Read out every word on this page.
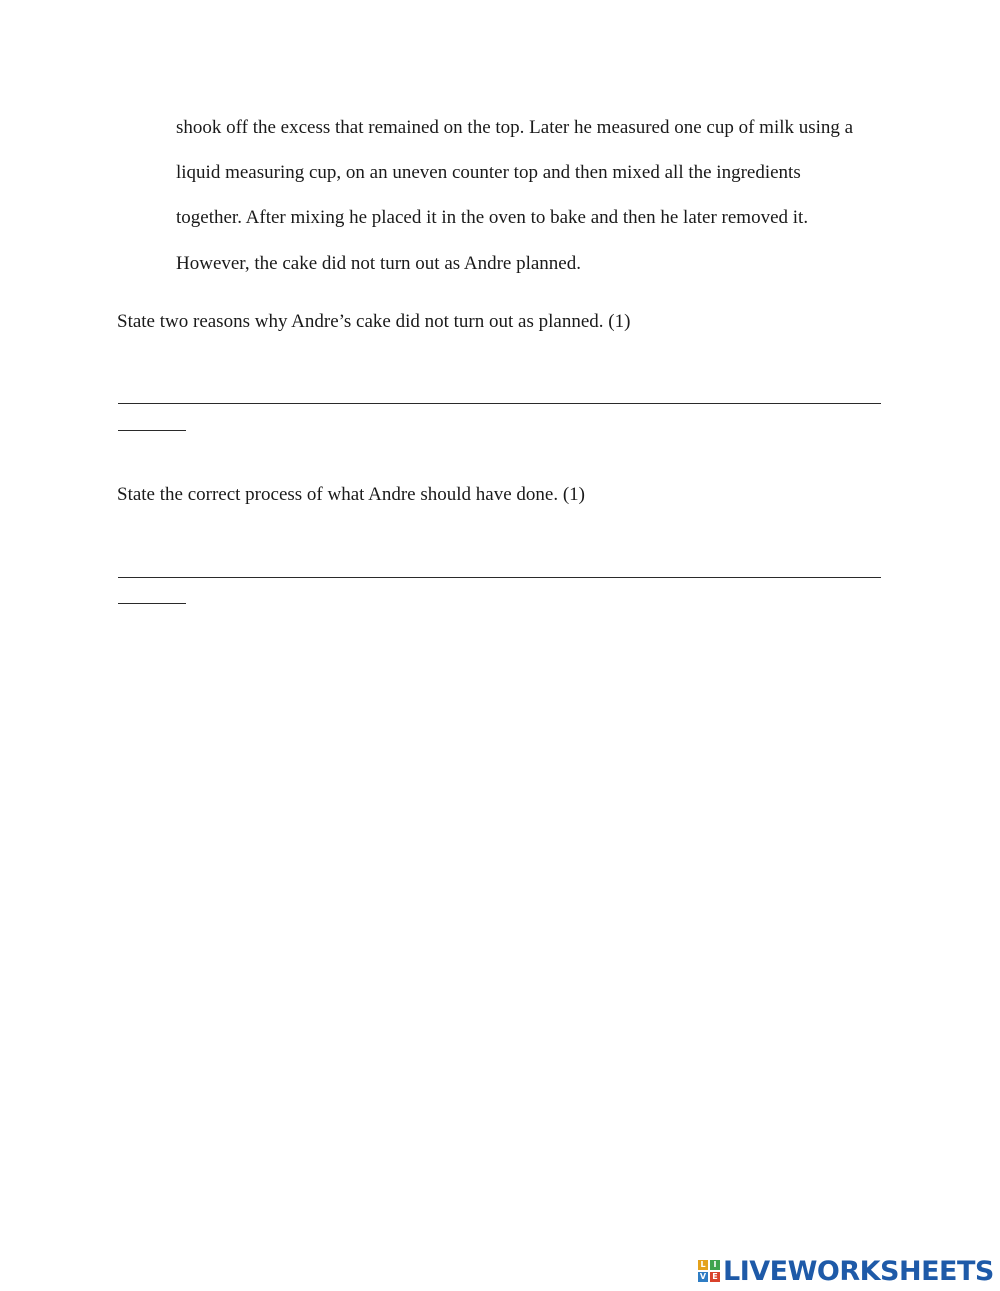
shook off the excess that remained on the top. Later he measured one cup of milk using a
liquid measuring cup, on an uneven counter top and then mixed all the ingredients
together. After mixing he placed it in the oven to bake and then he later removed it.
However, the cake did not turn out as Andre planned.
State two reasons why Andre’s cake did not turn out as planned. (1)
State the correct process of what Andre should have done. (1)
L I
V E LIVEWORKSHEETS
